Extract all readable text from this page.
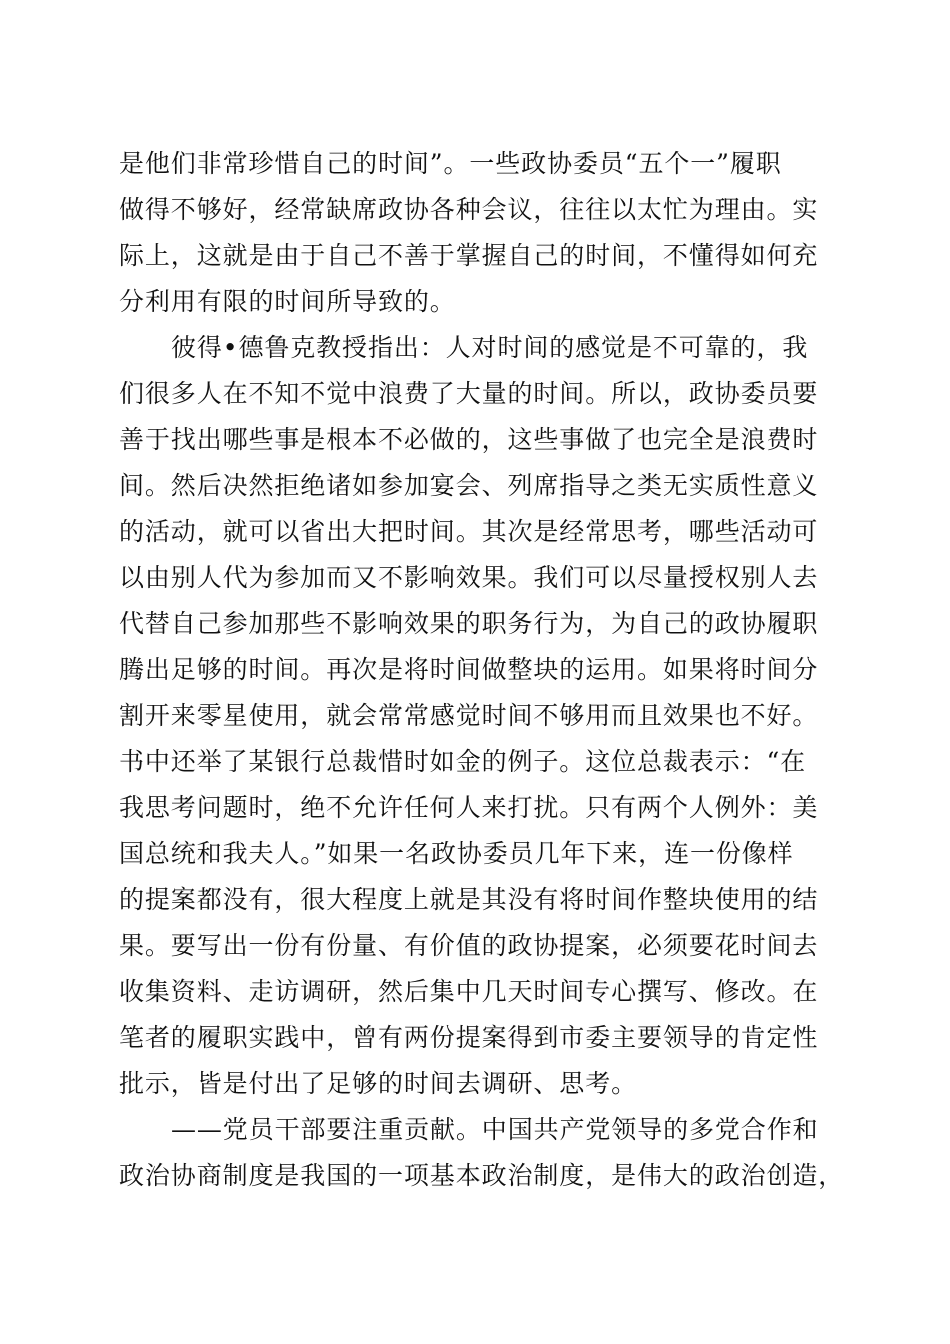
是他们非常珍惜自己的时间”。一些政协委员“五个一”履职
做得不够好，经常缺席政协各种会议，往往以太忙为理由。实
际上，这就是由于自己不善于掌握自己的时间，不懂得如何充
分利用有限的时间所导致的。
彼得•德鲁克教授指出：人对时间的感觉是不可靠的，我
们很多人在不知不觉中浪费了大量的时间。所以，政协委员要
善于找出哪些事是根本不必做的，这些事做了也完全是浪费时
间。然后决然拒绝诸如参加宴会、列席指导之类无实质性意义
的活动，就可以省出大把时间。其次是经常思考，哪些活动可
以由别人代为参加而又不影响效果。我们可以尽量授权别人去
代替自己参加那些不影响效果的职务行为，为自己的政协履职
腾出足够的时间。再次是将时间做整块的运用。如果将时间分
割开来零星使用，就会常常感觉时间不够用而且效果也不好。
书中还举了某银行总裁惜时如金的例子。这位总裁表示：“在
我思考问题时，绝不允许任何人来打扰。只有两个人例外：美
国总统和我夫人。”如果一名政协委员几年下来，连一份像样
的提案都没有，很大程度上就是其没有将时间作整块使用的结
果。要写出一份有份量、有价值的政协提案，必须要花时间去
收集资料、走访调研，然后集中几天时间专心撰写、修改。在
笔者的履职实践中，曾有两份提案得到市委主要领导的肯定性
批示，皆是付出了足够的时间去调研、思考。
——党员干部要注重贡献。中国共产党领导的多党合作和
政治协商制度是我国的一项基本政治制度，是伟大的政治创造，
